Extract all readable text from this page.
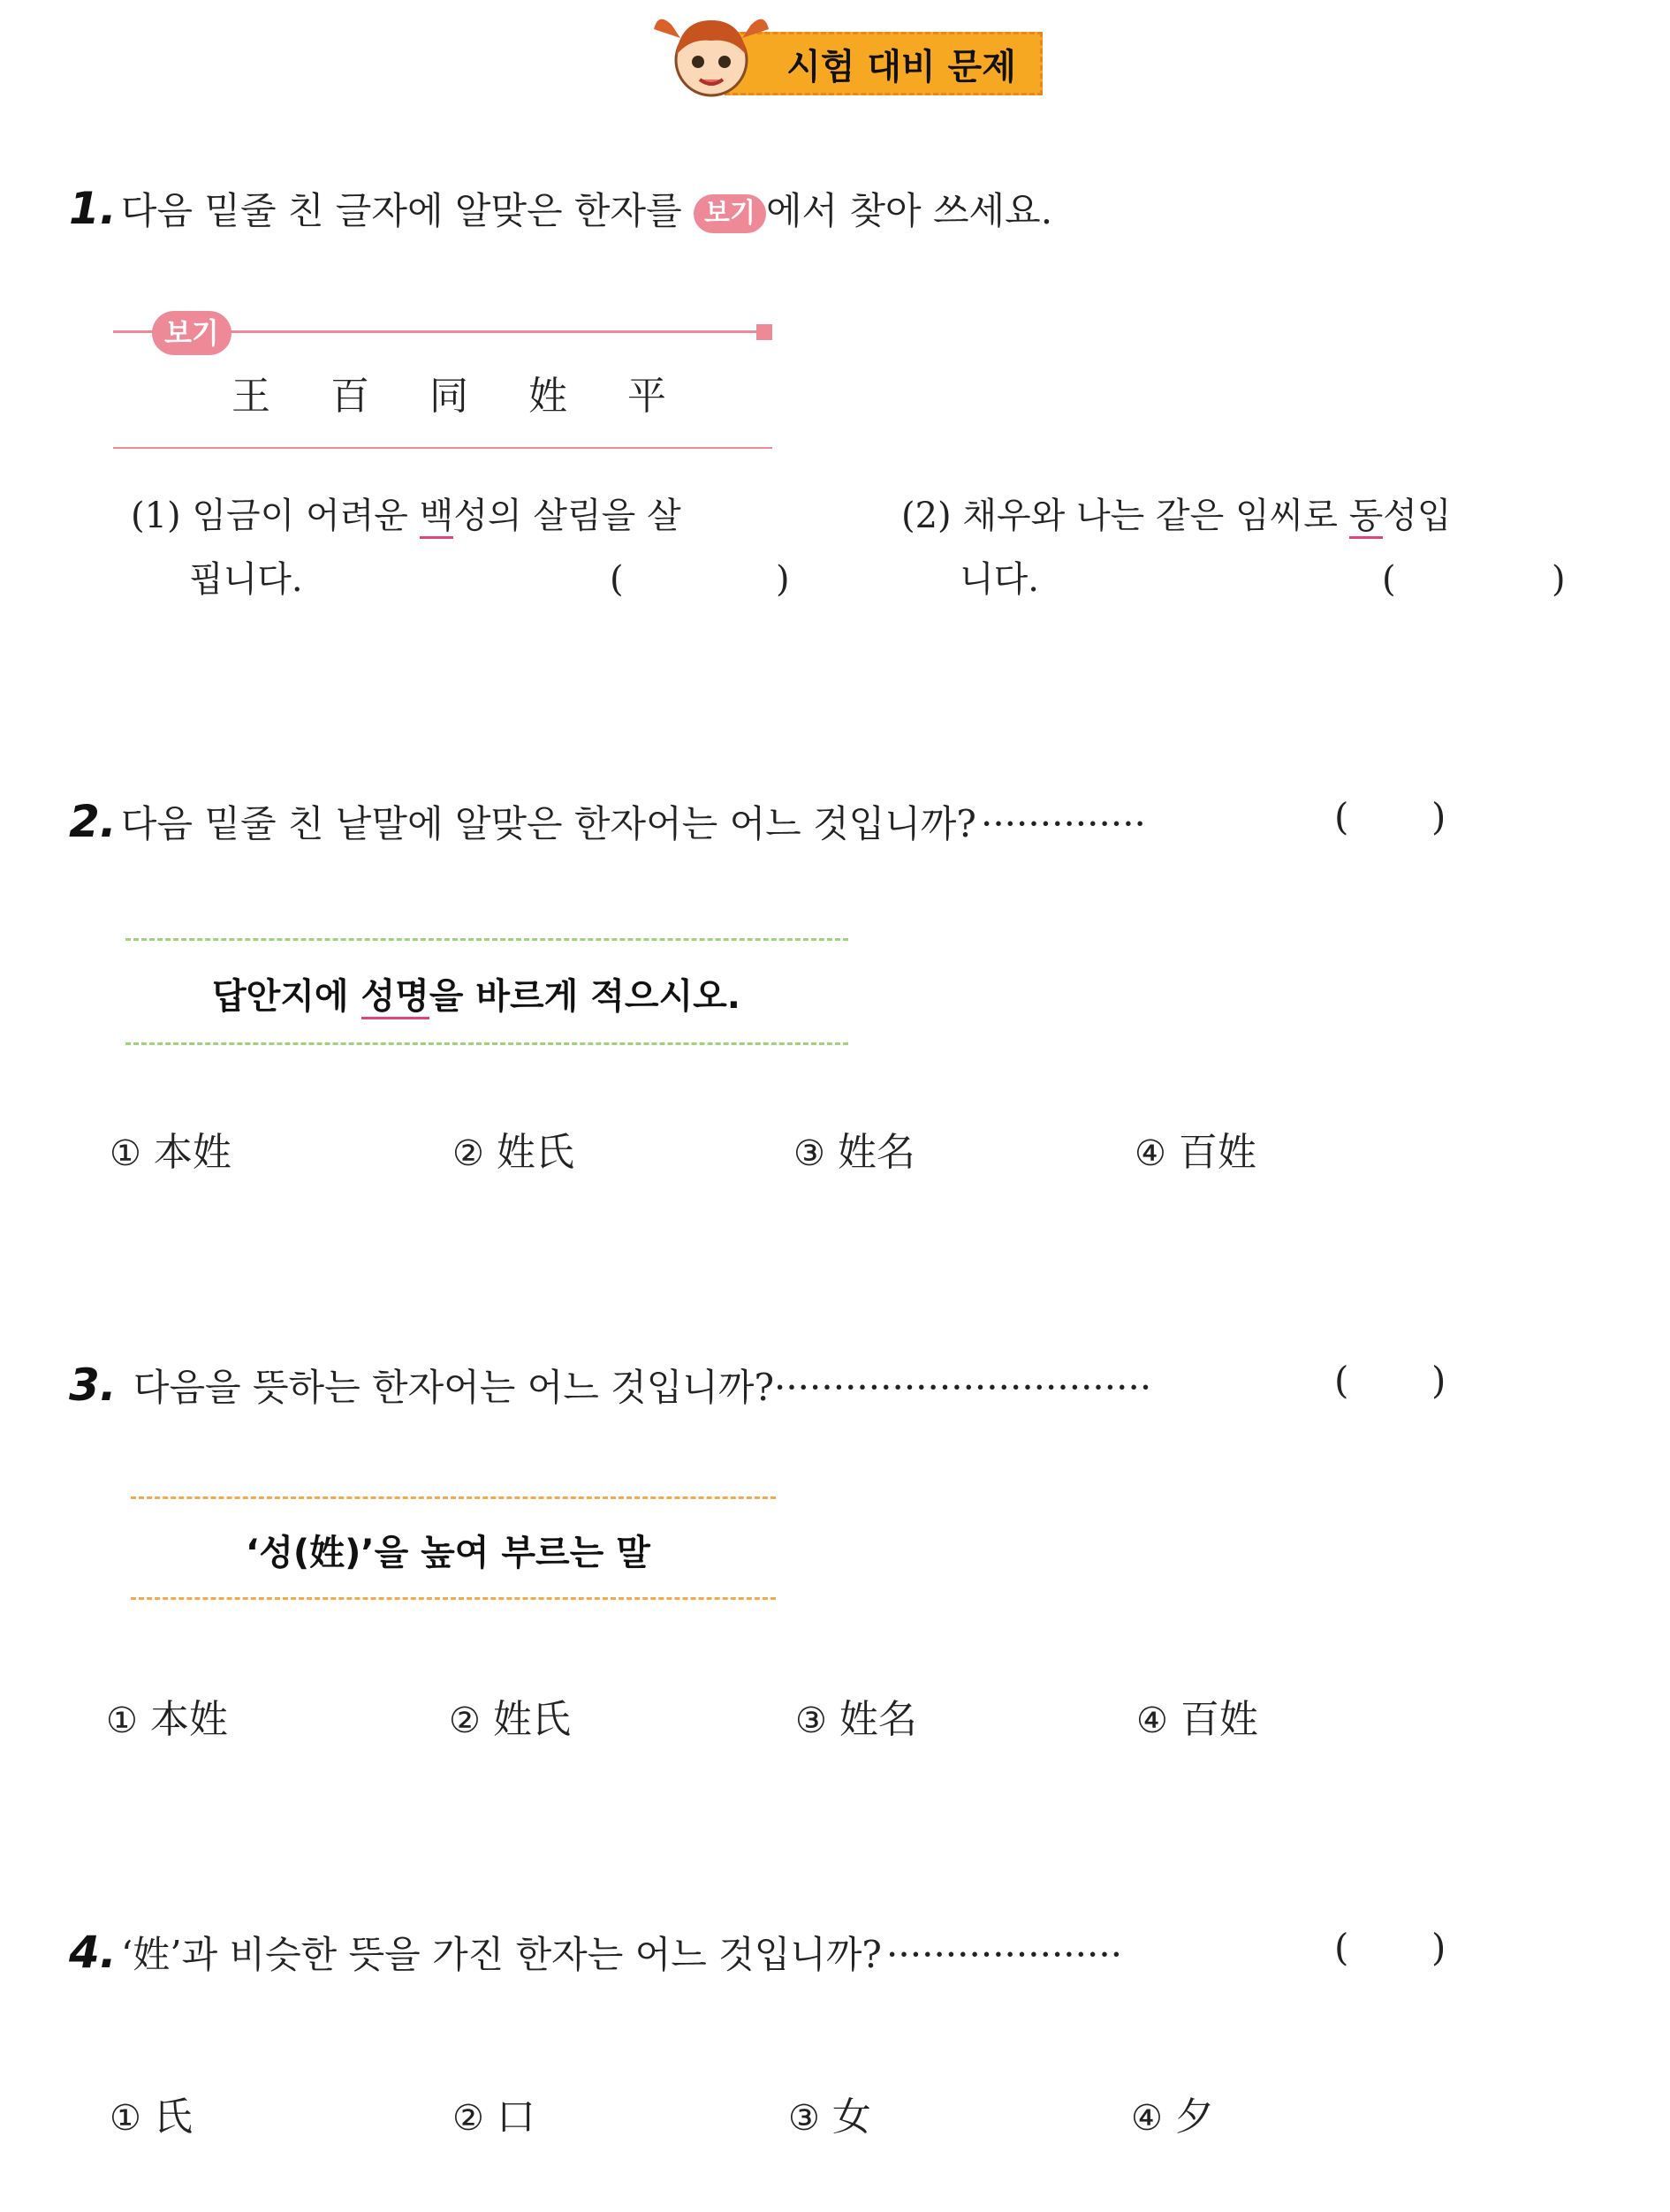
시험 대비 문제
1. 다음 밑줄 친 글자에 알맞은 한자를 보기 에서 찾아 쓰세요.
보기
王	百	同	姓	平
(1) 임금이 어려운 백성의 살림을 살
핍니다.	(	)
(2) 채우와 나는 같은 임씨로 동성입
니다.	(	)
2. 다음 밑줄 친 낱말에 알맞은 한자어는 어느 것입니까? ··············	( )
답안지에 성명을 바르게 적으시오.
① 本姓	② 姓氏	③ 姓名	④ 百姓
3. 다음을 뜻하는 한자어는 어느 것입니까?································	( )
‘성(姓)’을 높여 부르는 말
① 本姓	② 姓氏	③ 姓名	④ 百姓
4. ‘姓’과 비슷한 뜻을 가진 한자는 어느 것입니까? ····················	( )
① 氏	② 口	③ 女	④ 夕
